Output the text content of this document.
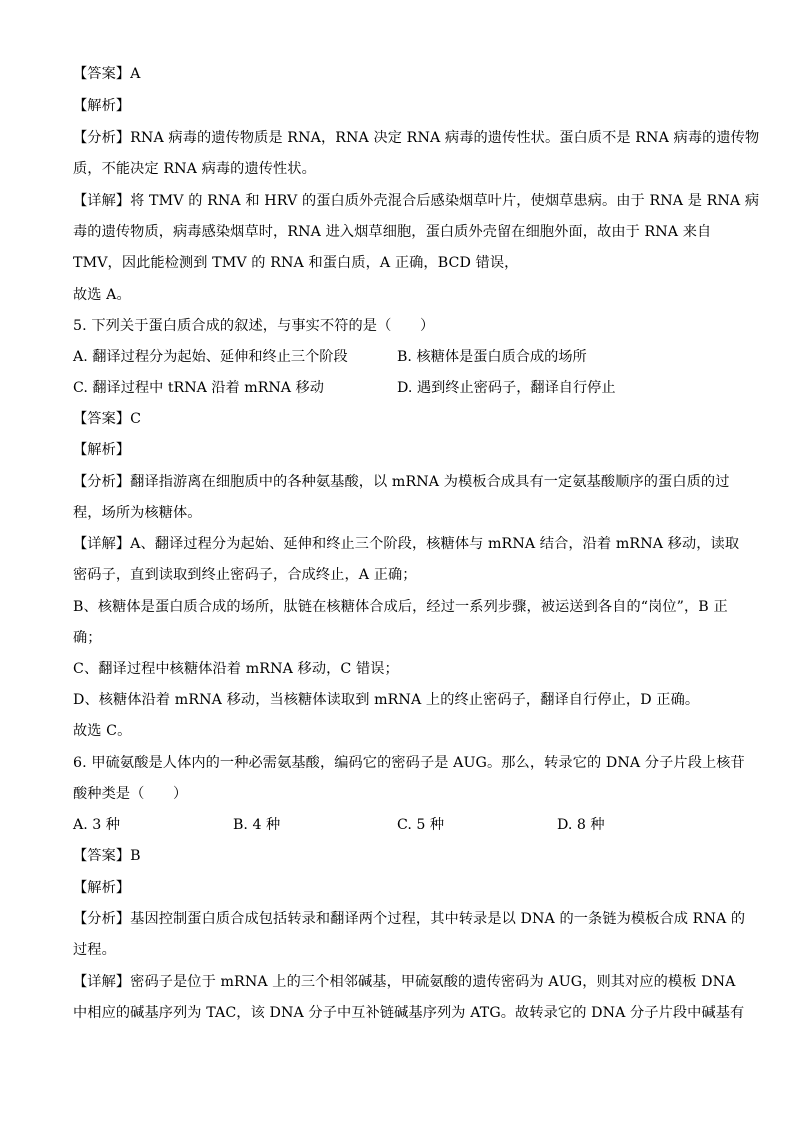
【答案】A
【解析】
【分析】RNA 病毒的遗传物质是 RNA，RNA 决定 RNA 病毒的遗传性状。蛋白质不是 RNA 病毒的遗传物
质，不能决定 RNA 病毒的遗传性状。
【详解】将 TMV 的 RNA 和 HRV 的蛋白质外壳混合后感染烟草叶片，使烟草患病。由于 RNA 是 RNA 病
毒的遗传物质，病毒感染烟草时，RNA 进入烟草细胞，蛋白质外壳留在细胞外面，故由于 RNA 来自
TMV，因此能检测到 TMV 的 RNA 和蛋白质，A 正确，BCD 错误，
故选 A。
5. 下列关于蛋白质合成的叙述，与事实不符的是（　　）
A. 翻译过程分为起始、延伸和终止三个阶段	B. 核糖体是蛋白质合成的场所
C. 翻译过程中 tRNA 沿着 mRNA 移动	D. 遇到终止密码子，翻译自行停止
【答案】C
【解析】
【分析】翻译指游离在细胞质中的各种氨基酸，以 mRNA 为模板合成具有一定氨基酸顺序的蛋白质的过
程，场所为核糖体。
【详解】A、翻译过程分为起始、延伸和终止三个阶段，核糖体与 mRNA 结合，沿着 mRNA 移动，读取
密码子，直到读取到终止密码子，合成终止，A 正确；
B、核糖体是蛋白质合成的场所，肽链在核糖体合成后，经过一系列步骤，被运送到各自的“岗位”，B 正
确；
C、翻译过程中核糖体沿着 mRNA 移动，C 错误；
D、核糖体沿着 mRNA 移动，当核糖体读取到 mRNA 上的终止密码子，翻译自行停止，D 正确。
故选 C。
6. 甲硫氨酸是人体内的一种必需氨基酸，编码它的密码子是 AUG。那么，转录它的 DNA 分子片段上核苷
酸种类是（　　）
A. 3 种	B. 4 种	C. 5 种	D. 8 种
【答案】B
【解析】
【分析】基因控制蛋白质合成包括转录和翻译两个过程，其中转录是以 DNA 的一条链为模板合成 RNA 的
过程。
【详解】密码子是位于 mRNA 上的三个相邻碱基，甲硫氨酸的遗传密码为 AUG，则其对应的模板 DNA
中相应的碱基序列为 TAC，该 DNA 分子中互补链碱基序列为 ATG。故转录它的 DNA 分子片段中碱基有
